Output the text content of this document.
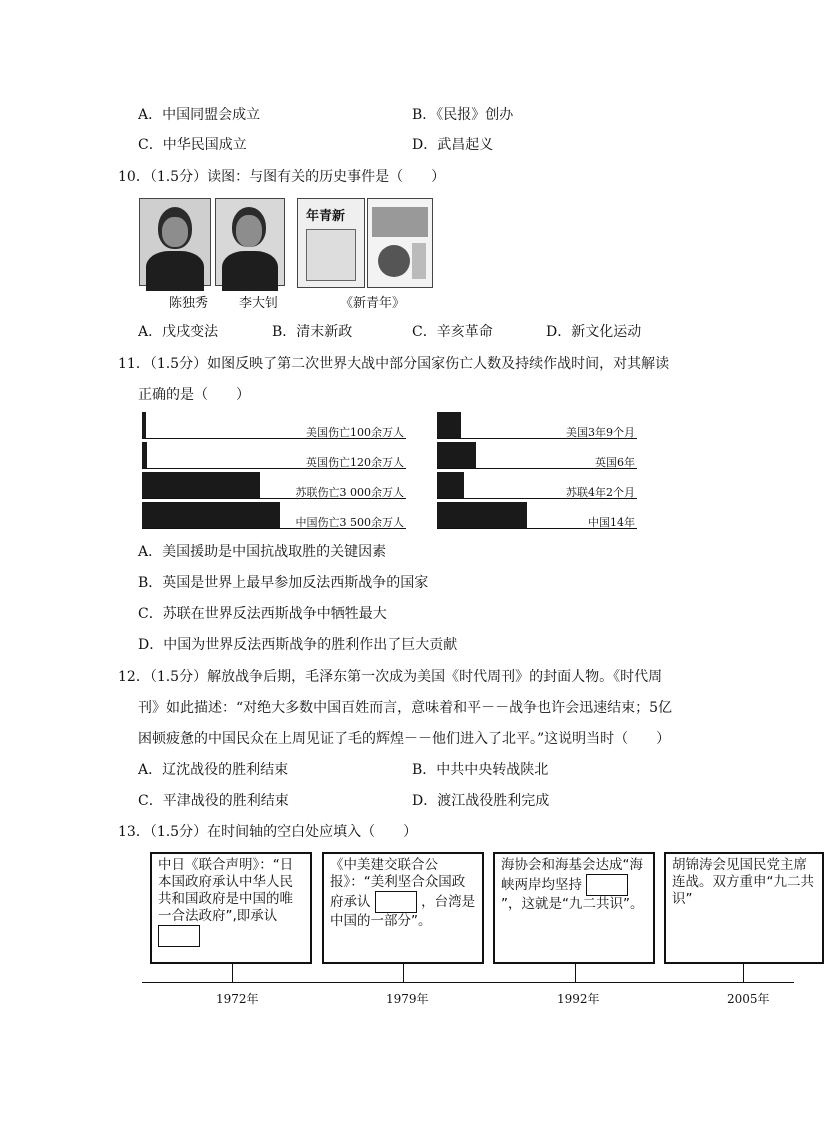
A．中国同盟会成立	B．《民报》创办
C．中华民国成立	D．武昌起义
10．（1.5分）读图：与图有关的历史事件是（　　）
年青新
陈独秀 李大钊	《新青年》
A．戊戌变法	B．清末新政	C．辛亥革命	D．新文化运动
11．（1.5分）如图反映了第二次世界大战中部分国家伤亡人数及持续作战时间，对其解读
正确的是（　　）
美国伤亡100余万人
英国伤亡120余万人
苏联伤亡3 000余万人
中国伤亡3 500余万人
美国3年9个月
英国6年
苏联4年2个月
中国14年
A．美国援助是中国抗战取胜的关键因素
B．英国是世界上最早参加反法西斯战争的国家
C．苏联在世界反法西斯战争中牺牲最大
D．中国为世界反法西斯战争的胜利作出了巨大贡献
12．（1.5分）解放战争后期，毛泽东第一次成为美国《时代周刊》的封面人物。《时代周
刊》如此描述：“对绝大多数中国百姓而言，意味着和平－－战争也许会迅速结束；5亿
困顿疲惫的中国民众在上周见证了毛的辉煌－－他们进入了北平。”这说明当时（　　）
A．辽沈战役的胜利结束	B．中共中央转战陕北
C．平津战役的胜利结束	D．渡江战役胜利完成
13．（1.5分）在时间轴的空白处应填入（　　）
中日《联合声明》：“日本国政府承认中华人民共和国政府是中国的唯一合法政府”,即承认
《中美建交联合公报》：“美利坚合众国政府承认	，台湾是中国的一部分”。
海协会和海基会达成“海峡两岸均坚持  ”，这就是“九二共识”。
胡锦涛会见国民党主席连战。双方重申“九二共识”
1972年	1979年	1992年	2005年
